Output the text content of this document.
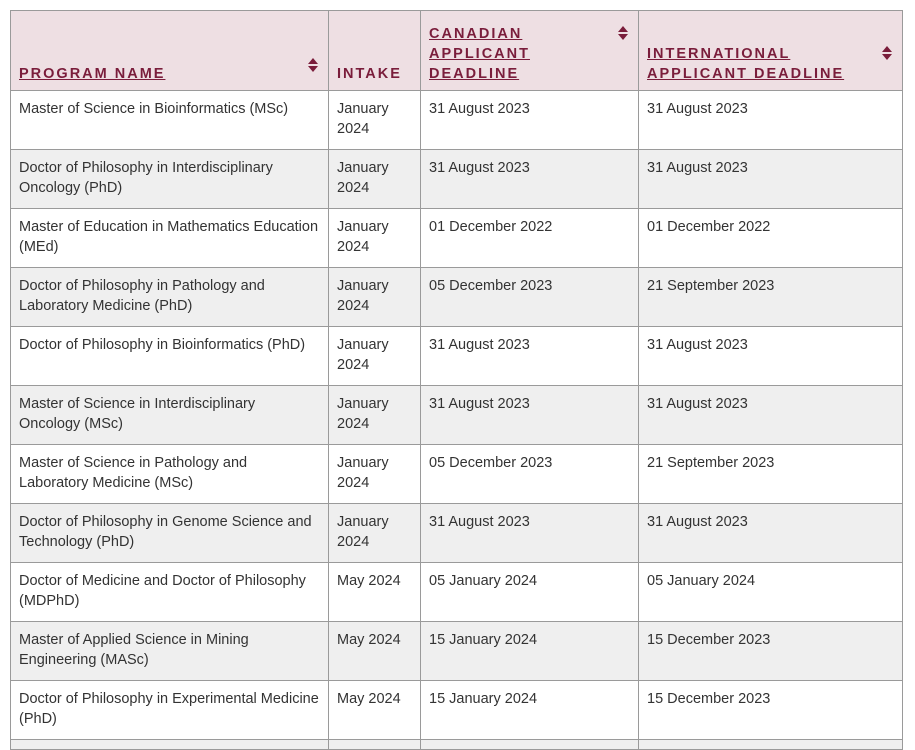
PROGRAM NAME	INTAKE	CANADIAN APPLICANT DEADLINE	INTERNATIONAL APPLICANT DEADLINE

Master of Science in Bioinformatics (MSc)	January 2024	31 August 2023	31 August 2023
Doctor of Philosophy in Interdisciplinary Oncology (PhD)	January 2024	31 August 2023	31 August 2023
Master of Education in Mathematics Education (MEd)	January 2024	01 December 2022	01 December 2022
Doctor of Philosophy in Pathology and Laboratory Medicine (PhD)	January 2024	05 December 2023	21 September 2023
Doctor of Philosophy in Bioinformatics (PhD)	January 2024	31 August 2023	31 August 2023
Master of Science in Interdisciplinary Oncology (MSc)	January 2024	31 August 2023	31 August 2023
Master of Science in Pathology and Laboratory Medicine (MSc)	January 2024	05 December 2023	21 September 2023
Doctor of Philosophy in Genome Science and Technology (PhD)	January 2024	31 August 2023	31 August 2023
Doctor of Medicine and Doctor of Philosophy (MDPhD)	May 2024	05 January 2024	05 January 2024
Master of Applied Science in Mining Engineering (MASc)	May 2024	15 January 2024	15 December 2023
Doctor of Philosophy in Experimental Medicine (PhD)	May 2024	15 January 2024	15 December 2023
